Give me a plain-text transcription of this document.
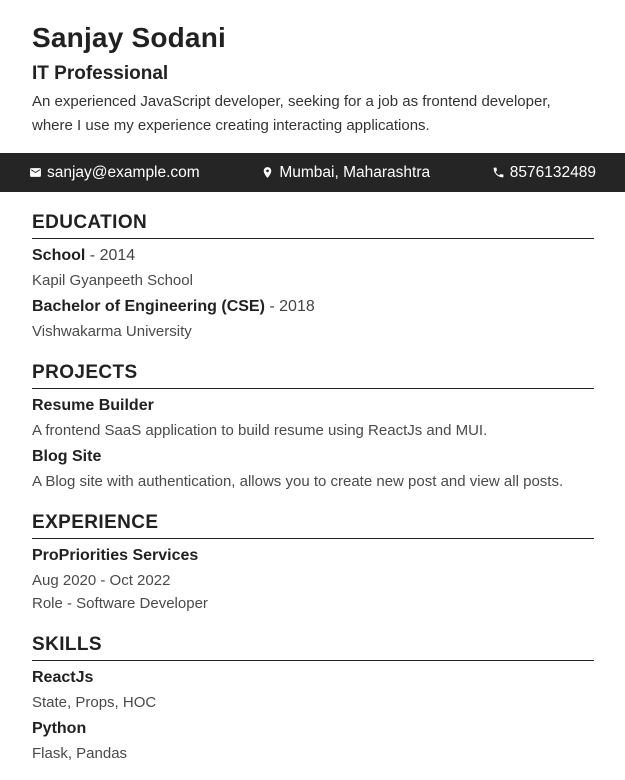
Sanjay Sodani
IT Professional

An experienced JavaScript developer, seeking for a job as frontend developer, where I use my experience creating interacting applications.

sanjay@example.com	Mumbai, Maharashtra	8576132489
EDUCATION

School - 2014

Kapil Gyanpeeth School

Bachelor of Engineering (CSE) - 2018

Vishwakarma University

PROJECTS

Resume Builder

A frontend SaaS application to build resume using ReactJs and MUI.

Blog Site

A Blog site with authentication, allows you to create new post and view all posts.

EXPERIENCE

ProPriorities Services

Aug 2020 - Oct 2022

Role - Software Developer

SKILLS

ReactJs

State, Props, HOC

Python

Flask, Pandas
